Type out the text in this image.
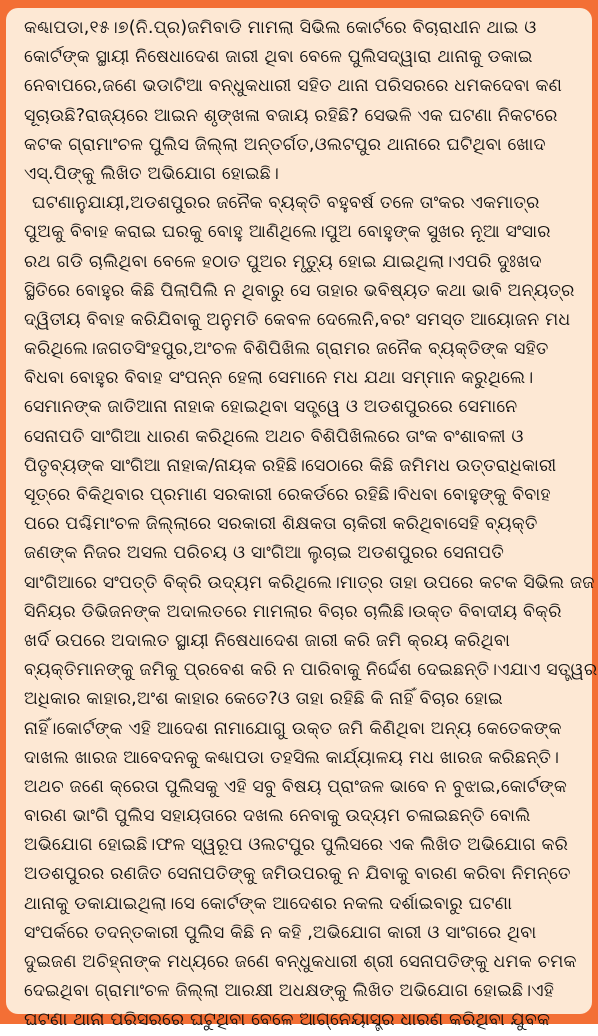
କଣ୍ଢାପଡା,୧୫।୭(ନି.ପ୍ର)ଜମିବାଡି ମାମଲା ସିଭିଲ କୋର୍ଟରେ ବିଚାରାଧୀନ ଥାଇ ଓ
କୋର୍ଟଙ୍କ ସ୍ଥାୟୀ ନିଷେଧାଦେଶ ଜାରୀ ଥିବା ବେଳେ ପୁଲିସଦ୍ୱାରା ଥାନାକୁ ଡକାଇ
ନେବାପରେ,ଜଣେ ଭଡାଟିଆ ବନ୍ଧୁକଧାରୀ ସହିତ ଥାନା ପରିସରରେ ଧମକଦେବା କଣ
ସୂଚାଉଛି?ରାଜ୍ୟରେ ଆଇନ ଶୃଙ୍ଖଳା ବଜାୟ ରହିଛି? ସେଭଳି ଏକ ଘଟଣା ନିକଟରେ
କଟକ ଗ୍ରାମାଂଚଳ ପୁଲିସ ଜିଲ୍ଲା ଅନ୍ତର୍ଗତ,ଓଲଟପୁର ଥାନାରେ ଘଟିଥିବା ଖୋଦ
ଏସ୍.ପିଙ୍କୁ ଲିଖିତ ଅଭିଯୋଗ ହୋଇଛି।
ଘଟଣାନୁଯାୟୀ,ଅଡଶପୁରର ଜନୈକ ବ୍ୟକ୍ତି ବହୁବର୍ଷ ତଳେ ତାଂକର ଏକମାତ୍ର
ପୁଅକୁ ବିବାହ କରାଇ ଘରକୁ ବୋହୁ ଆଣିଥିଲେ।ପୁଅ ବୋହୁଙ୍କ ସୁଖର ନୂଆ ସଂସାର
ରଥ ଗଡି ଚାଲିଥିବା ବେଳେ ହଠାତ ପୁଅର ମୃତ୍ୟୁ ହୋଇ ଯାଇଥିଲା।ଏପରି ଦୁଃଖଦ
ସ୍ଥିତିରେ ବୋହୁର କିଛି ପିଲାପିଲି ନ ଥିବାରୁ ସେ ତାହାର ଭବିଷ୍ୟତ କଥା ଭାବି ଅନ୍ୟତ୍ର
ଦ୍ୱିତୀୟ ବିବାହ କରିଯିବାକୁ ଅନୁମତି କେବଳ ଦେଲେନି,ବରଂ ସମସ୍ତ ଆୟୋଜନ ମଧ
କରିଥିଲେ।ଜଗତସିଂହପୁର,ଅଂଚଳ ବିଶିପିଖିଲ ଗ୍ରାମର ଜନୈକ ବ୍ୟକ୍ତିଙ୍କ ସହିତ
ବିଧବା ବୋହୁର ବିବାହ ସଂପନ୍ନ ହେଲା ସେମାନେ ମଧ ଯଥା ସମ୍ମାନ କରୁଥିଲେ।
ସେମାନଙ୍କ ଜାତିଆନା ନାହାକ ହୋଇଥିବା ସତ୍ତ୍ୱେ ଓ ଅଡଶପୁରରେ ସେମାନେ
ସେନାପତି ସାଂଗିଆ ଧାରଣ କରିଥିଲେ ଅଥଚ ବିଶିପିଖିଲରେ ତାଂକ ବଂଶାବଳୀ ଓ
ପିତୃବ୍ୟଙ୍କ ସାଂଗିଆ ନାହାକ/ନାୟକ ରହିଛି।ସେଠାରେ କିଛି ଜମିମଧ ଉତ୍ତରାଧିକାରୀ
ସୂତ୍ରେ ବିକିଥିବାର ପ୍ରମାଣ ସରକାରୀ ରେକର୍ଡରେ ରହିଛି।ବିଧବା ବୋହୁଙ୍କୁ ବିବାହ
ପରେ ପଶ୍ଚିମାଂଚଳ ଜିଲ୍ଲାରେ ସରକାରୀ ଶିକ୍ଷକତା ଚାକିରୀ କରିଥିବାସେହି ବ୍ୟକ୍ତି
ଜଣଙ୍କ ନିଜର ଅସଲ ପରିଚୟ ଓ ସାଂଗିଆ ଲୁଚାଇ ଅଡଶପୁରର ସେନାପତି
ସାଂଗିଆରେ ସଂପତ୍ତି ବିକ୍ରି ଉଦ୍ୟମ କରିଥିଲେ।ମାତ୍ର ତାହା ଉପରେ କଟକ ସିଭିଲ ଜଜ
ସିନିୟର ଡିଭିଜନଙ୍କ ଅଦାଲତରେ ମାମଲାର ବିଚାର ଚାଲିଛି।ଉକ୍ତ ବିବାଦୀୟ ବିକ୍ରି
ଖର୍ଦି ଉପରେ ଅଦାଲତ ସ୍ଥାୟୀ ନିଷେଧାଦେଶ ଜାରୀ କରି ଜମି କ୍ରୟ କରିଥିବା
ବ୍ୟକ୍ତିମାନଙ୍କୁ ଜମିକୁ ପ୍ରବେଶ କରି ନ ପାରିବାକୁ ନିର୍ଦ୍ଦେଶ ଦେଇଛନ୍ତି।ଏଯାଏ ସତ୍ତ୍ୱର
ଅଧିକାର କାହାର,ଅଂଶ କାହାର କେତେ?ଓ ତାହା ରହିଛି କି ନାହିଁ ବିଚାର ହୋଇ
ନାହିଁ।କୋର୍ଟଙ୍କ ଏହି ଆଦେଶ ନାମାଯୋଗୁ ଉକ୍ତ ଜମି କିଣିଥିବା ଅନ୍ୟ କେତେକଙ୍କ
ଦାଖଲ ଖାରଜ ଆବେଦନକୁ କଣ୍ଢାପଡା ତହସିଲ କାର୍ଯ୍ୟାଳୟ ମଧ ଖାରଜ କରିଛନ୍ତି।
ଅଥଚ ଜଣେ କ୍ରେତା ପୁଲିସକୁ ଏହି ସବୁ ବିଷୟ ପ୍ରାଂଜଳ ଭାବେ ନ ବୁଝାଇ,କୋର୍ଟଙ୍କ
ବାରଣ ଭାଂଗି ପୁଲିସ ସହାୟତାରେ ଦଖଲ ନେବାକୁ ଉଦ୍ୟମ ଚଳାଇଛନ୍ତି ବୋଲି
ଅଭିଯୋଗ ହୋଇଛି।ଫଳ ସ୍ୱରୂପ ଓଲଟପୁର ପୁଲିସରେ ଏକ ଲିଖିତ ଅଭିଯୋଗ କରି
ଅଡଶପୁରର ରଣଜିତ ସେନାପତିଙ୍କୁ ଜମିଉପରକୁ ନ ଯିବାକୁ ବାରଣ କରିବା ନିମନ୍ତେ
ଥାନାକୁ ଡକାଯାଇଥିଲା।ସେ କୋର୍ଟଙ୍କ ଆଦେଶର ନକଲ ଦର୍ଶାଇବାରୁ ଘଟଣା
ସଂପର୍କରେ ତଦନ୍ତକାରୀ ପୁଲିସ କିଛି ନ କହି ,ଅଭିଯୋଗ କାରୀ ଓ ସାଂଗରେ ଥିବା
ଦୁଇଜଣ ଅଚିହ୍ନାଙ୍କ ମଧ୍ୟରେ ଜଣେ ବନ୍ଧୁକଧାରୀ ଶ୍ରୀ ସେନାପତିଙ୍କୁ ଧମକ ଚମକ
ଦେଇଥିବା ଗ୍ରାମାଂଚଳ ଜିଲ୍ଲା ଆରକ୍ଷୀ ଅଧକ୍ଷଙ୍କୁ ଲିଖିତ ଅଭିଯୋଗ ହୋଇଛି।ଏହି
ଘଟଣା ଥାନା ପରିସରରେ ଘଟୁଥିବା ବେଳେ ଆଗ୍ନେୟାସ୍ତ୍ର ଧାରଣ କରିଥିବା ଯୁବକ
